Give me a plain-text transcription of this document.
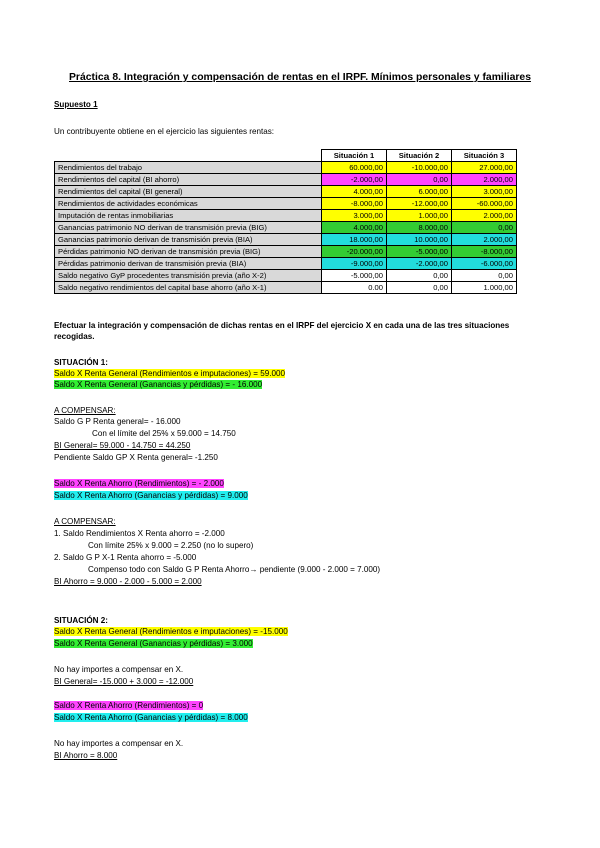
Práctica 8. Integración y compensación de rentas en el IRPF. Mínimos personales y familiares
Supuesto 1
Un contribuyente obtiene en el ejercicio las siguientes rentas:
	Situación 1	Situación 2	Situación 3
Rendimientos del trabajo	60.000,00	-10.000,00	27.000,00
Rendimientos del capital (BI ahorro)	-2.000,00	0,00	2.000,00
Rendimientos del capital (BI general)	4.000,00	6.000,00	3.000,00
Rendimientos de actividades económicas	-8.000,00	-12.000,00	-60.000,00
Imputación de rentas inmobiliarias	3.000,00	1.000,00	2.000,00
Ganancias patrimonio NO derivan de transmisión previa (BIG)	4.000,00	8.000,00	0,00
Ganancias patrimonio derivan de transmisión previa (BIA)	18.000,00	10.000,00	2.000,00
Pérdidas patrimonio NO derivan de transmisión previa (BIG)	-20.000,00	-5.000,00	-8.000,00
Pérdidas patrimonio derivan de transmisión previa (BIA)	-9.000,00	-2.000,00	-6.000,00
Saldo negativo GyP procedentes transmisión previa (año X-2)	-5.000,00	0,00	0,00
Saldo negativo rendimientos del capital base ahorro (año X-1)	0.00	0,00	1.000,00
Efectuar la integración y compensación de dichas rentas en el IRPF del ejercicio X en cada una de las tres situaciones
recogidas.
SITUACIÓN 1:
Saldo X Renta General (Rendimientos e imputaciones) = 59.000
Saldo X Renta General (Ganancias y pérdidas) = - 16.000
A COMPENSAR:
Saldo G P Renta general= - 16.000
Con el límite del 25% x 59.000 = 14.750
BI General= 59.000 - 14.750 = 44.250
Pendiente Saldo GP X Renta general= -1.250
Saldo X Renta Ahorro (Rendimientos) = - 2.000
Saldo X Renta Ahorro (Ganancias y pérdidas) = 9.000
A COMPENSAR:
1. Saldo Rendimientos X Renta ahorro = -2.000
Con límite 25% x 9.000 = 2.250 (no lo supero)
2. Saldo G P X-1 Renta ahorro = -5.000
Compenso todo con Saldo G P Renta Ahorro→ pendiente (9.000 - 2.000 = 7.000)
BI Ahorro = 9.000 - 2.000 - 5.000 = 2.000
SITUACIÓN 2:
Saldo X Renta General (Rendimientos e imputaciones) = -15.000
Saldo X Renta General (Ganancias y pérdidas) = 3.000
No hay importes a compensar en X.
BI General= -15.000 + 3.000 = -12.000
Saldo X Renta Ahorro (Rendimientos) = 0
Saldo X Renta Ahorro (Ganancias y pérdidas) = 8.000
No hay importes a compensar en X.
BI Ahorro = 8.000
